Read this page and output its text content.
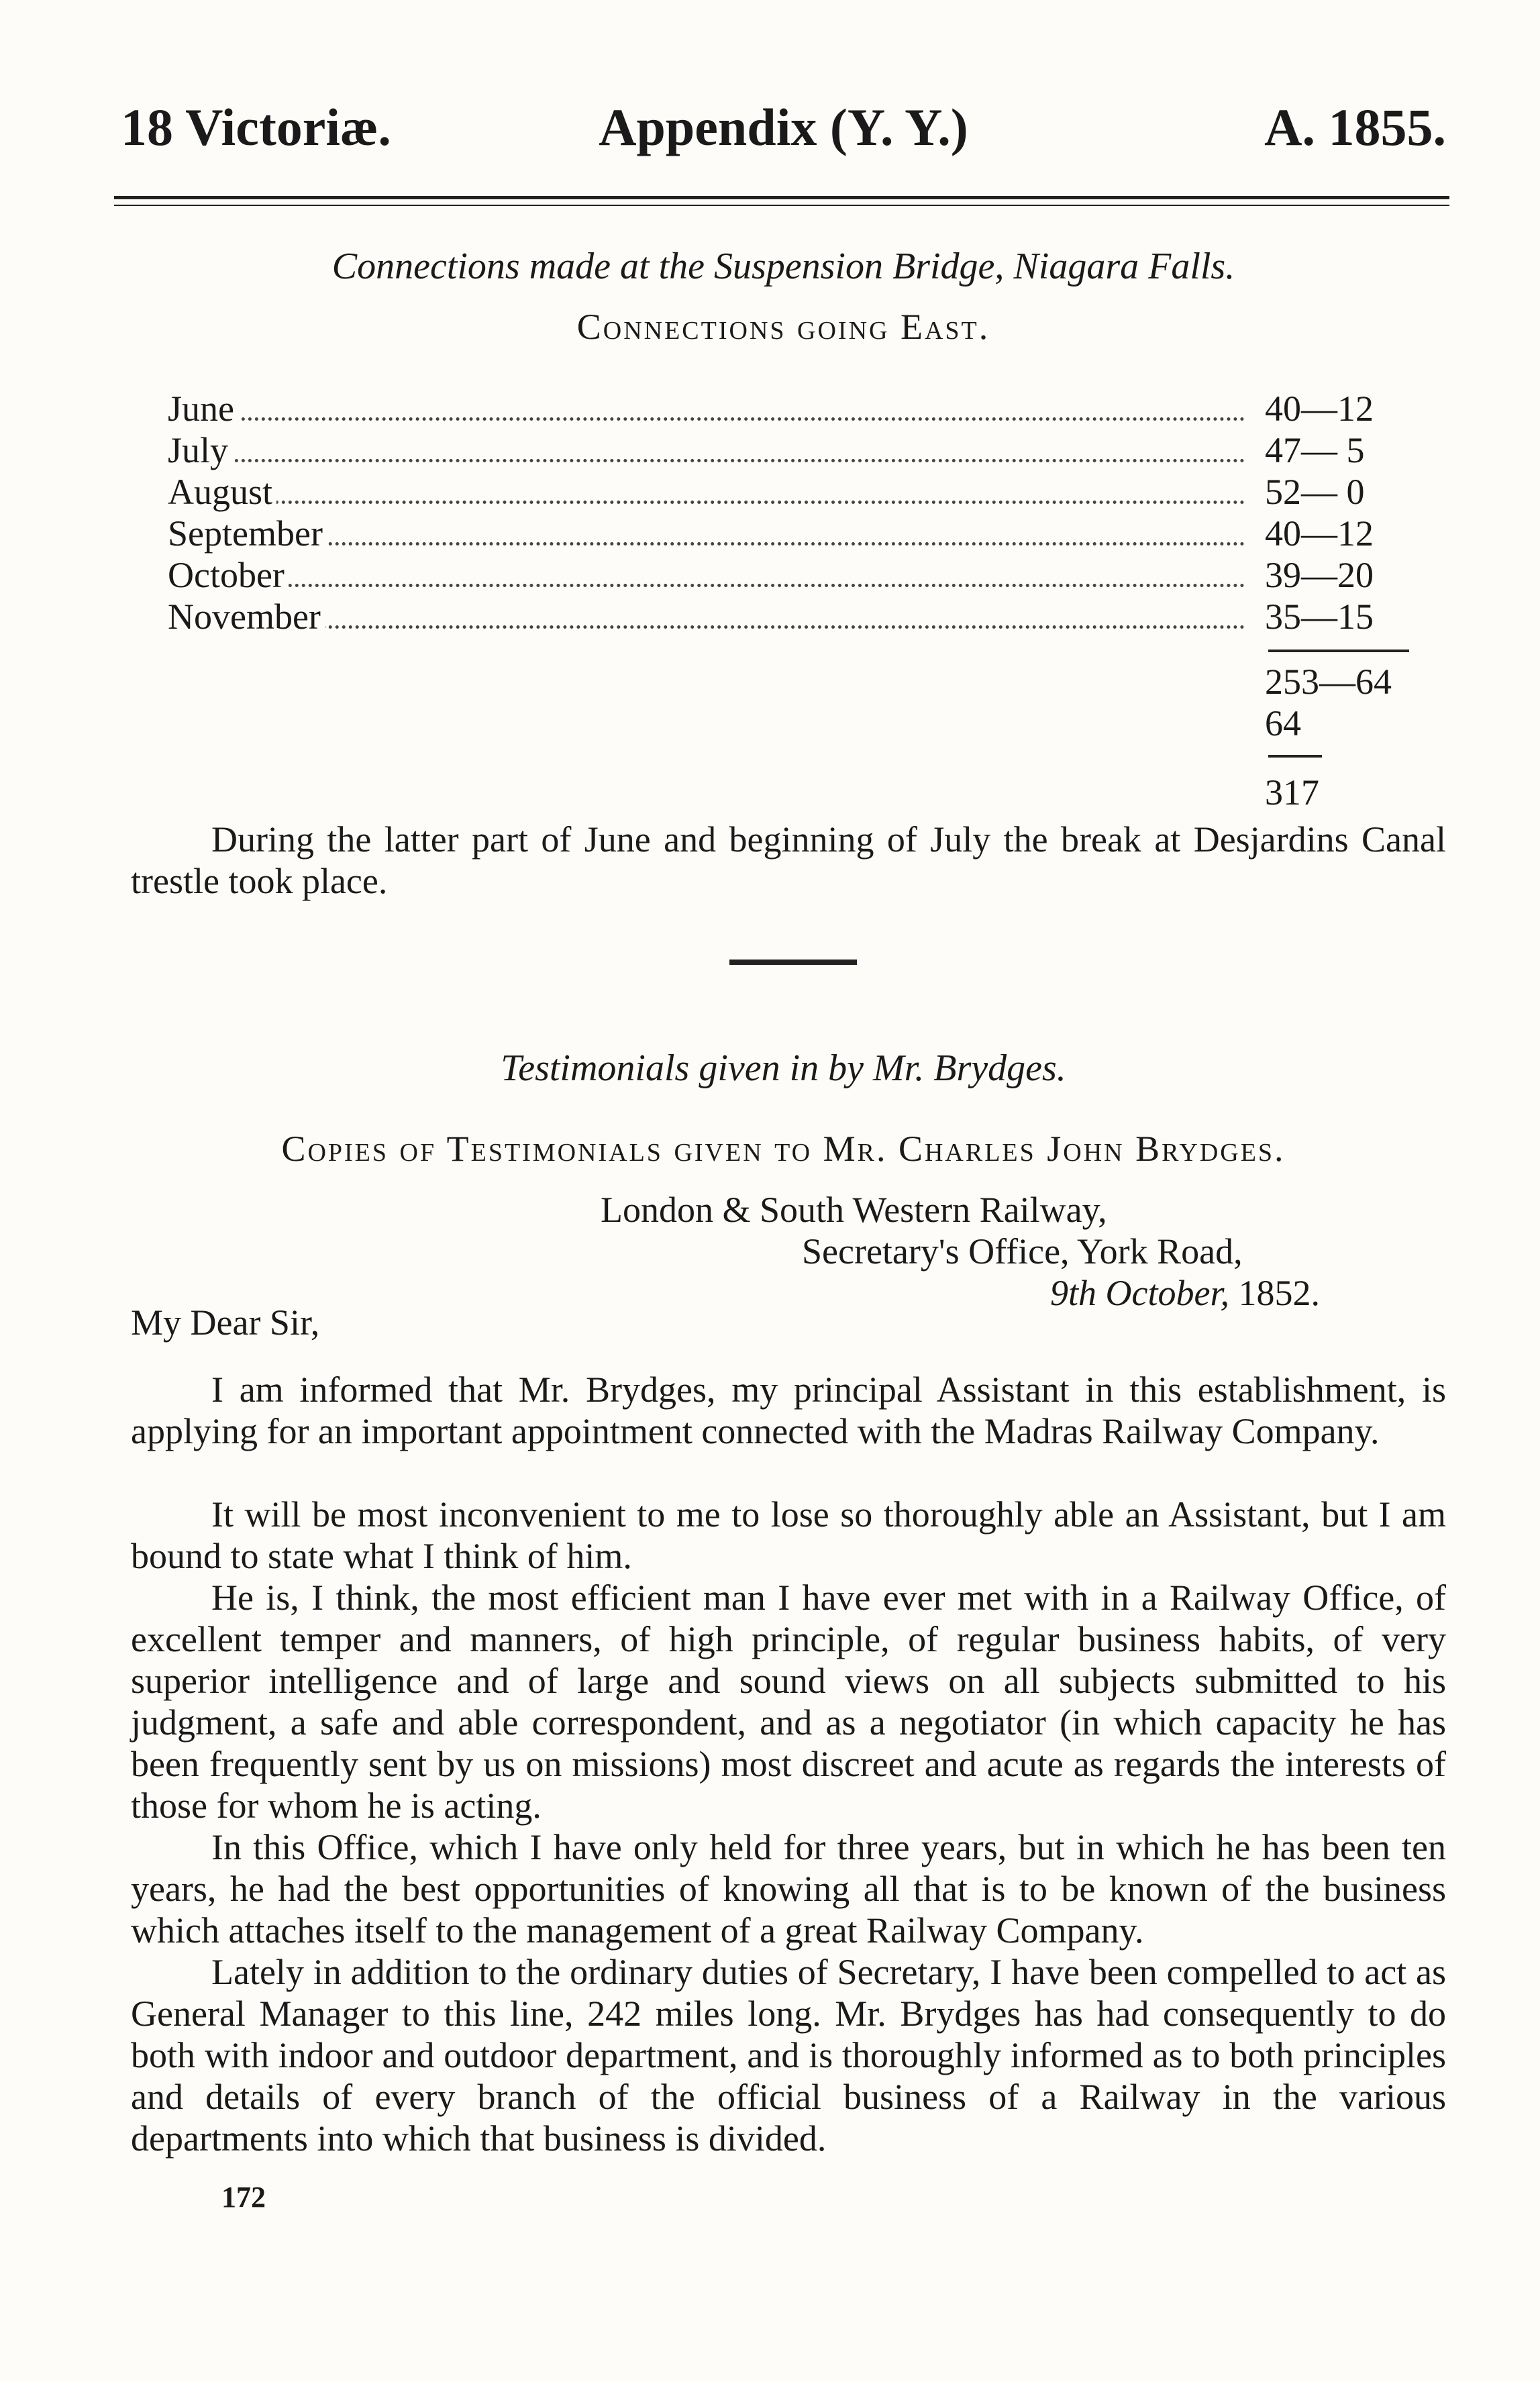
18 Victoriæ.	Appendix (Y. Y.)	A. 1855.
Connections made at the Suspension Bridge, Niagara Falls.
Connections going East.
June	40—12
July	47— 5
August	52— 0
September	40—12
October	39—20
November	35—15
253—64
64
317

During the latter part of June and beginning of July the break at Desjardins Canal trestle took place.

Testimonials given in by Mr. Brydges.
Copies of Testimonials given to Mr. Charles John Brydges.
London & South Western Railway,
Secretary's Office, York Road,
9th October, 1852.
My Dear Sir,

I am informed that Mr. Brydges, my principal Assistant in this establishment, is applying for an important appointment connected with the Madras Railway Company.

It will be most inconvenient to me to lose so thoroughly able an Assistant, but I am bound to state what I think of him.

He is, I think, the most efficient man I have ever met with in a Railway Office, of excellent temper and manners, of high principle, of regular business habits, of very superior intelligence and of large and sound views on all subjects submitted to his judgment, a safe and able correspondent, and as a negotiator (in which capacity he has been frequently sent by us on missions) most discreet and acute as regards the interests of those for whom he is acting.

In this Office, which I have only held for three years, but in which he has been ten years, he had the best opportunities of knowing all that is to be known of the business which attaches itself to the management of a great Railway Company.

Lately in addition to the ordinary duties of Secretary, I have been compelled to act as General Manager to this line, 242 miles long. Mr. Brydges has had consequently to do both with indoor and outdoor department, and is thoroughly informed as to both principles and details of every branch of the official business of a Railway in the various departments into which that business is divided.

172
